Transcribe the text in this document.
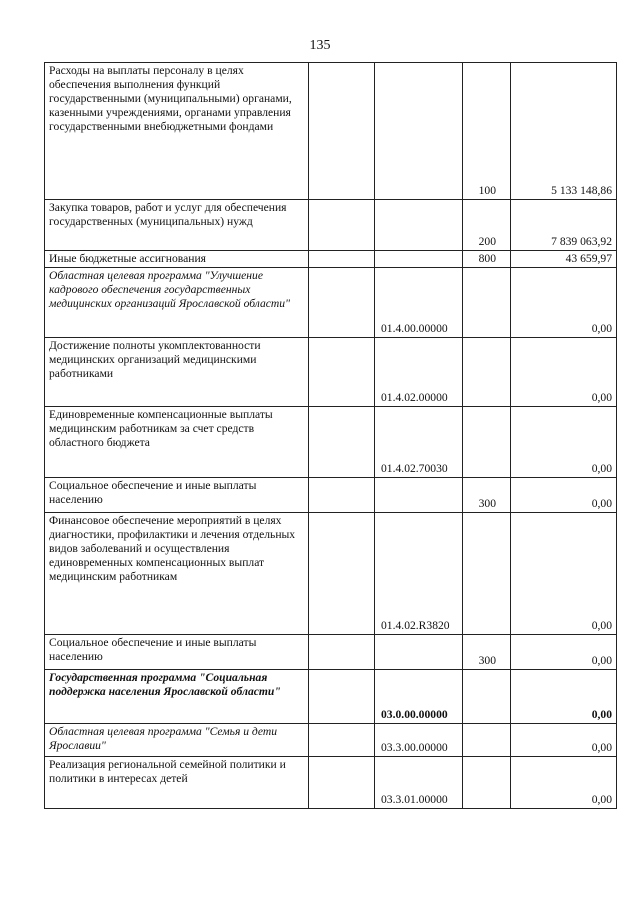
135
Расходы на выплаты персоналу в целях обеспечения выполнения функций государственными (муниципальными) органами, казенными учреждениями, органами управления государственными внебюджетными фондами			100	5 133 148,86
Закупка товаров, работ и услуг для обеспечения государственных (муниципальных) нужд			200	7 839 063,92
Иные бюджетные ассигнования			800	43 659,97
Областная целевая программа "Улучшение кадрового обеспечения государственных медицинских организаций Ярославской области"		01.4.00.00000		0,00
Достижение полноты укомплектованности медицинских организаций медицинскими работниками		01.4.02.00000		0,00
Единовременные компенсационные выплаты медицинским работникам за счет средств областного бюджета		01.4.02.70030		0,00
Социальное обеспечение и иные выплаты населению			300	0,00
Финансовое обеспечение мероприятий в целях диагностики, профилактики и лечения отдельных видов заболеваний и осуществления единовременных компенсационных выплат медицинским работникам		01.4.02.R3820		0,00
Социальное обеспечение и иные выплаты населению			300	0,00
Государственная программа "Социальная поддержка населения Ярославской области"		03.0.00.00000		0,00
Областная целевая программа "Семья и дети Ярославии"		03.3.00.00000		0,00
Реализация региональной семейной политики и политики в интересах детей		03.3.01.00000		0,00
